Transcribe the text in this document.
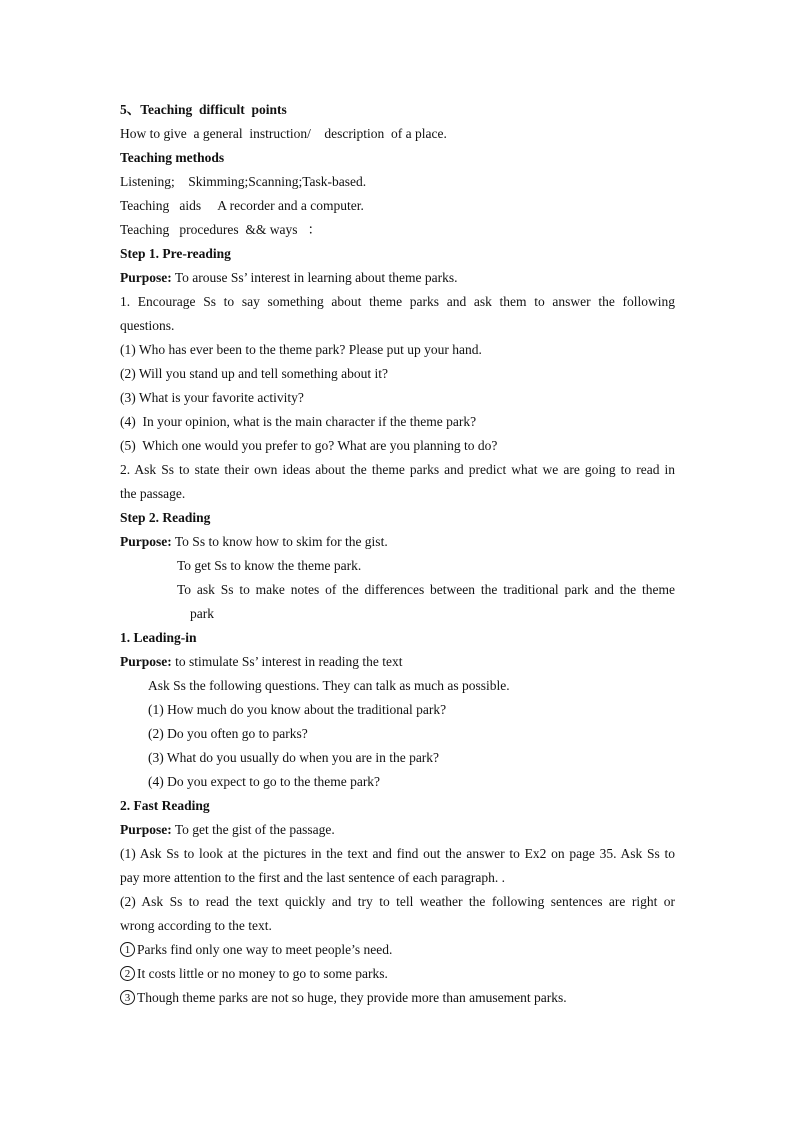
5、Teaching  difficult  points
How to give  a general  instruction/    description  of a place.
Teaching methods
Listening;    Skimming;Scanning;Task-based.
Teaching   aids     A recorder and a computer.
Teaching   procedures  && ways   ：
Step 1. Pre-reading
Purpose: To arouse Ss’ interest in learning about theme parks.
1. Encourage Ss to say something about theme parks and ask them to answer the following
questions.
(1) Who has ever been to the theme park? Please put up your hand.
(2) Will you stand up and tell something about it?
(3) What is your favorite activity?
(4)  In your opinion, what is the main character if the theme park?
(5)  Which one would you prefer to go? What are you planning to do?
2. Ask Ss to state their own ideas about the theme parks and predict what we are going to read in
the passage.
Step 2. Reading
Purpose: To Ss to know how to skim for the gist.
To get Ss to know the theme park.
To ask Ss to make notes of the differences between the traditional park and the theme
park
1. Leading-in
Purpose: to stimulate Ss’ interest in reading the text
Ask Ss the following questions. They can talk as much as possible.
(1) How much do you know about the traditional park?
(2) Do you often go to parks?
(3) What do you usually do when you are in the park?
(4) Do you expect to go to the theme park?
2. Fast Reading
Purpose: To get the gist of the passage.
(1) Ask Ss to look at the pictures in the text and find out the answer to Ex2 on page 35. Ask Ss to
pay more attention to the first and the last sentence of each paragraph. .
(2) Ask Ss to read the text quickly and try to tell weather the following sentences are right or
wrong according to the text.
1 Parks find only one way to meet people’s need.
2 It costs little or no money to go to some parks.
3 Though theme parks are not so huge, they provide more than amusement parks.
